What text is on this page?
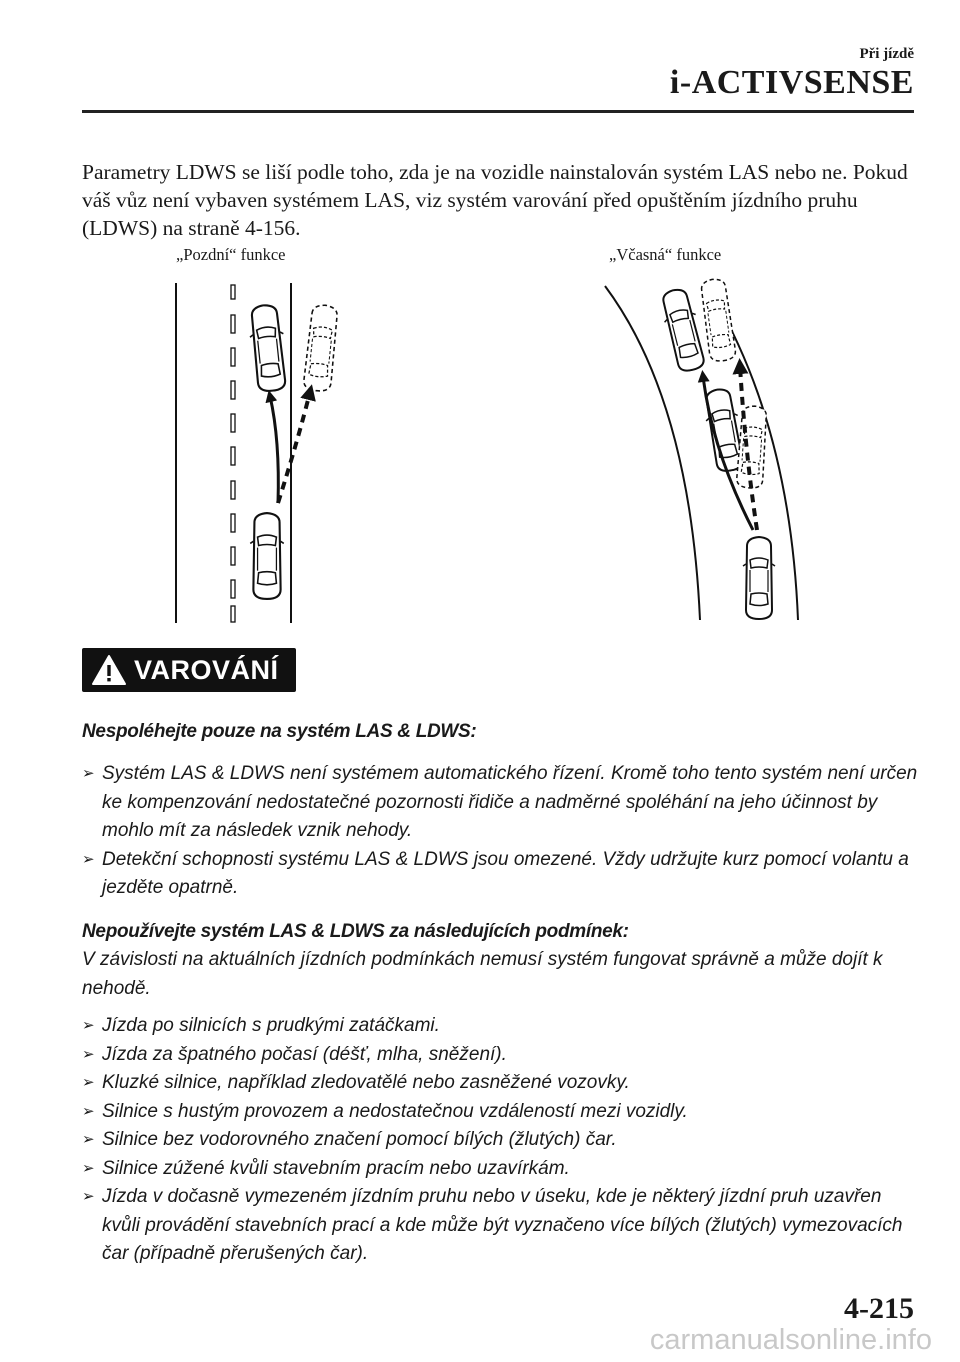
Při jízdě
i-ACTIVSENSE

Parametry LDWS se liší podle toho, zda je na vozidle nainstalován systém LAS nebo ne. Pokud váš vůz není vybaven systémem LAS, viz systém varování před opuštěním jízdního pruhu (LDWS) na straně 4-156.

„Pozdní“ funkce	„Včasná“ funkce
VAROVÁNÍ

Nespoléhejte pouze na systém LAS & LDWS:

➢ Systém LAS & LDWS není systémem automatického řízení. Kromě toho tento systém není určen ke kompenzování nedostatečné pozornosti řidiče a nadměrné spoléhání na jeho účinnost by mohlo mít za následek vznik nehody.
➢ Detekční schopnosti systému LAS & LDWS jsou omezené. Vždy udržujte kurz pomocí volantu a jezděte opatrně.

Nepoužívejte systém LAS & LDWS za následujících podmínek:

V závislosti na aktuálních jízdních podmínkách nemusí systém fungovat správně a může dojít k nehodě.

➢ Jízda po silnicích s prudkými zatáčkami.
➢ Jízda za špatného počasí (déšť, mlha, sněžení).
➢ Kluzké silnice, například zledovatělé nebo zasněžené vozovky.
➢ Silnice s hustým provozem a nedostatečnou vzdáleností mezi vozidly.
➢ Silnice bez vodorovného značení pomocí bílých (žlutých) čar.
➢ Silnice zúžené kvůli stavebním pracím nebo uzavírkám.
➢ Jízda v dočasně vymezeném jízdním pruhu nebo v úseku, kde je některý jízdní pruh uzavřen kvůli provádění stavebních prací a kde může být vyznačeno více bílých (žlutých) vymezovacích čar (případně přerušených čar).
4-215
carmanualsonline.info
